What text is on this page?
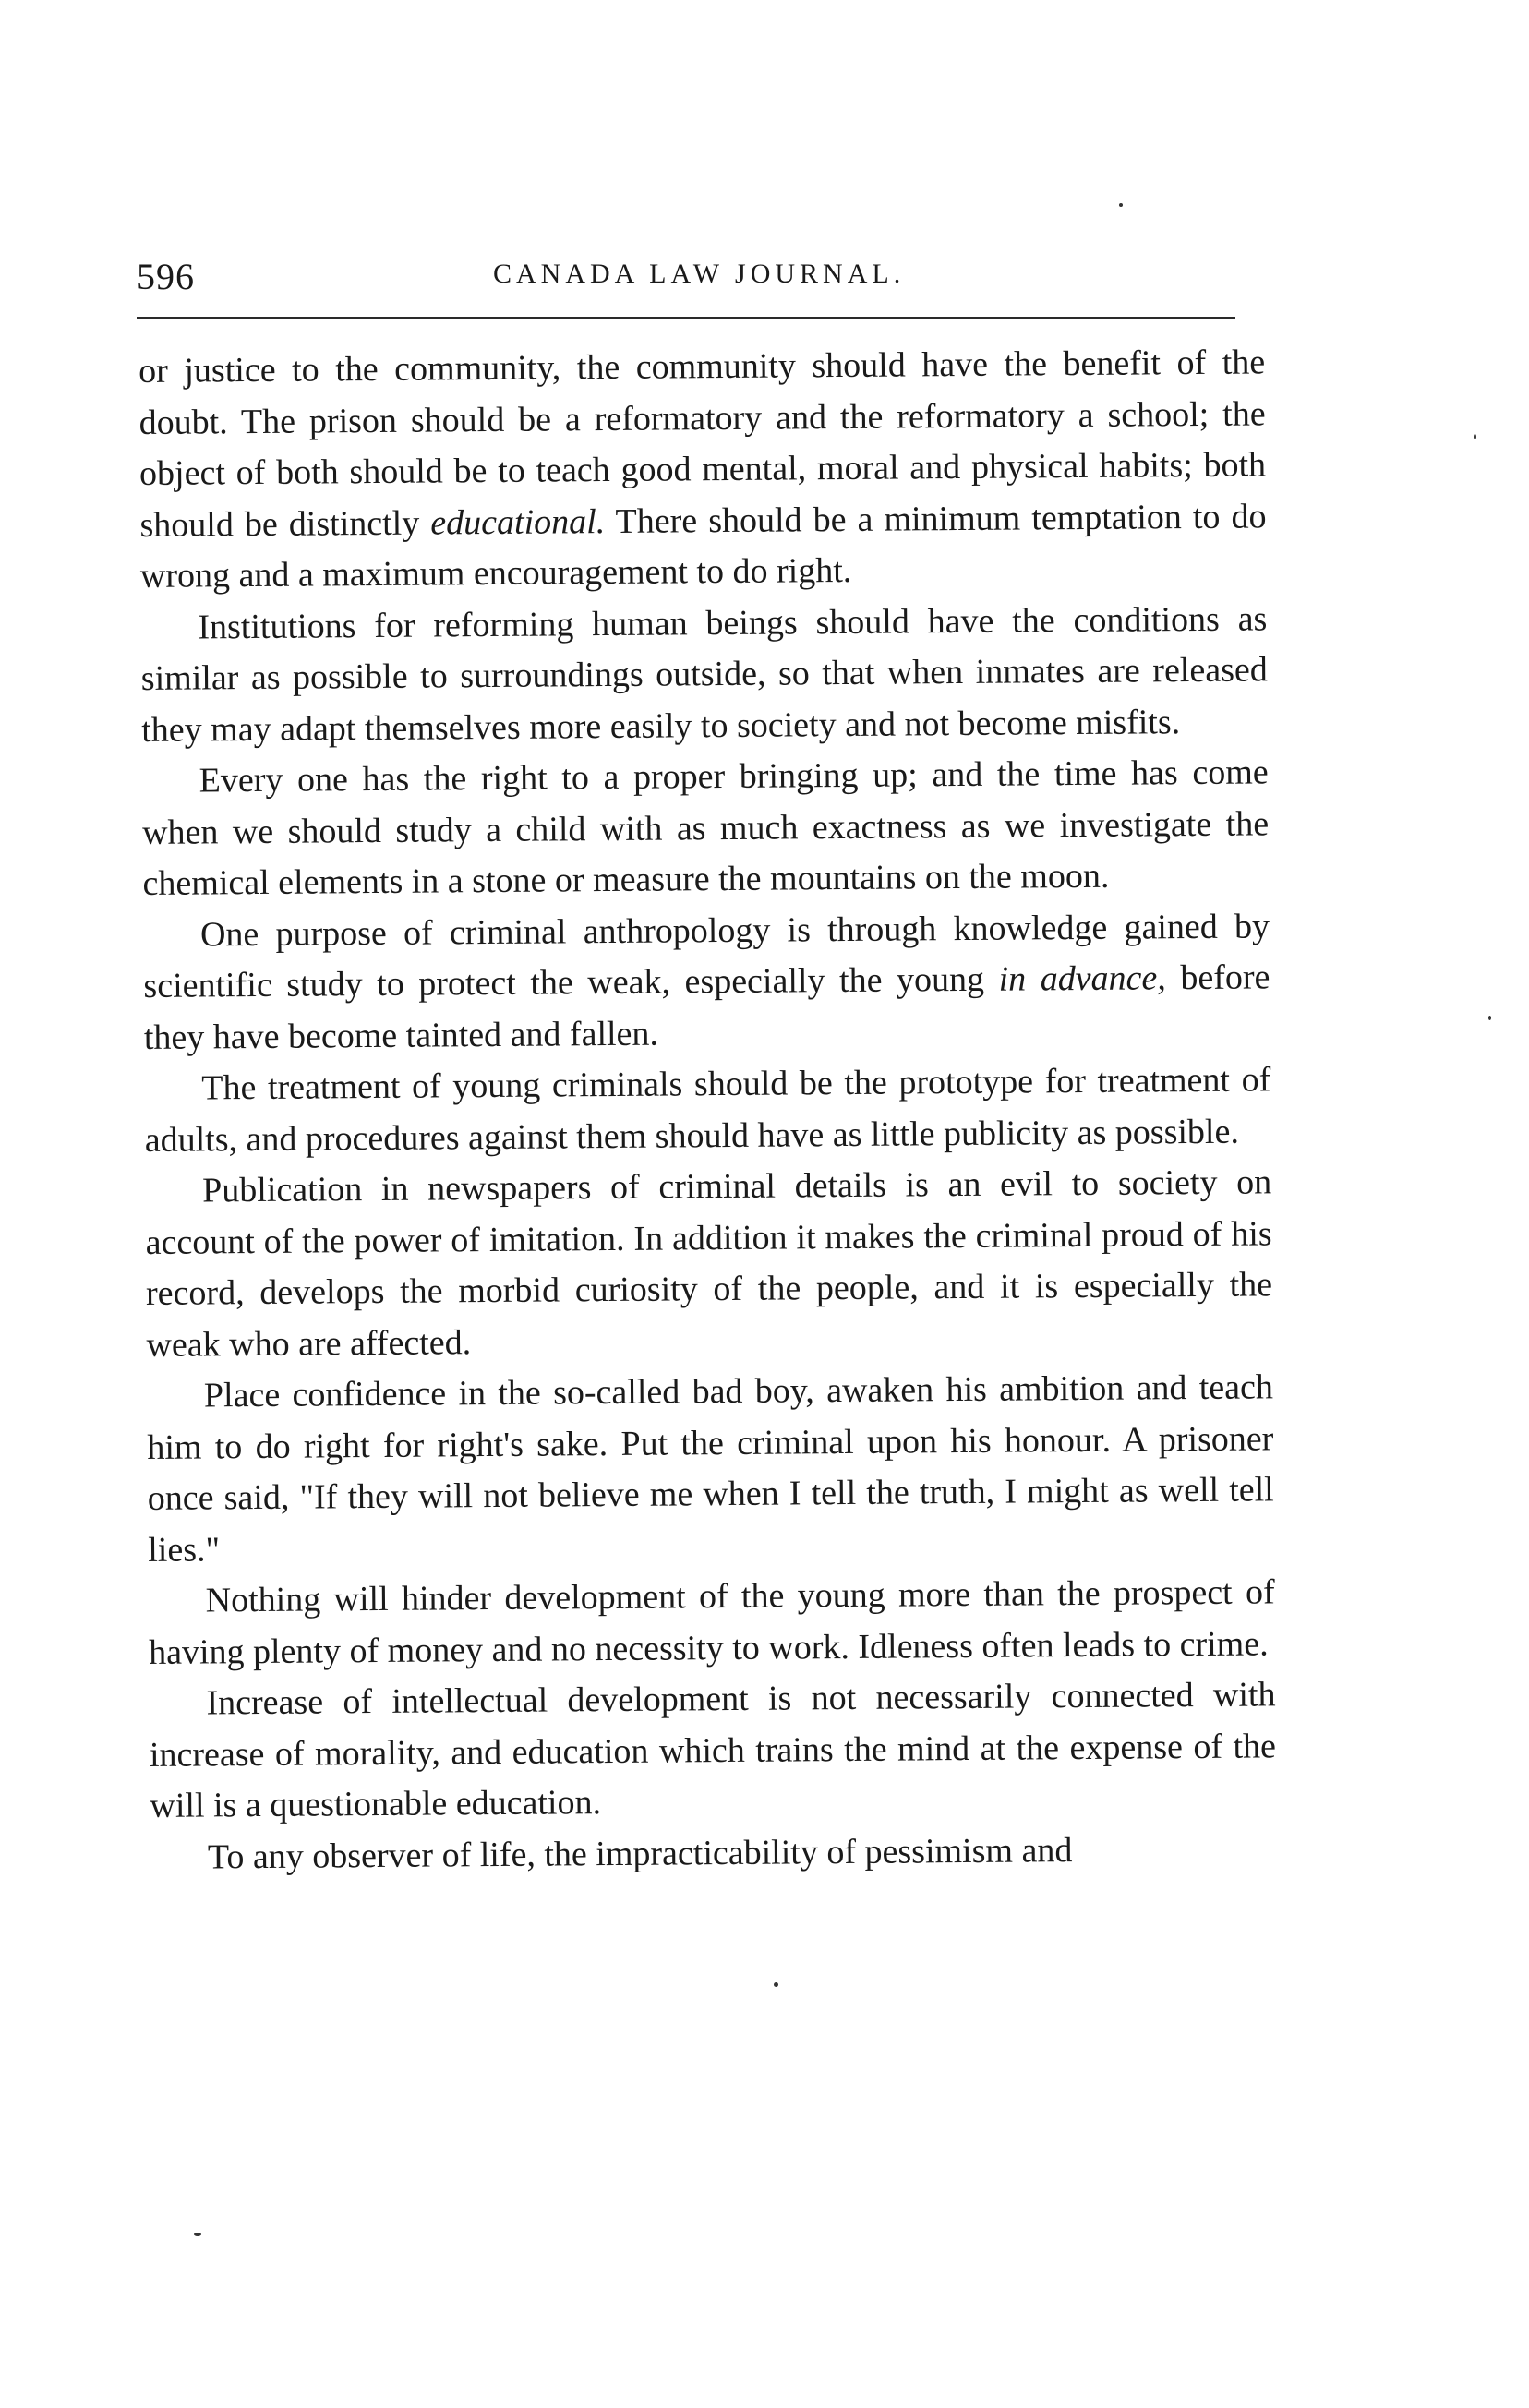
596	CANADA LAW JOURNAL.

or justice to the community, the community should have the benefit of the doubt. The prison should be a reformatory and the reformatory a school; the object of both should be to teach good mental, moral and physical habits; both should be distinctly educational. There should be a minimum temptation to do wrong and a maximum encouragement to do right.

Institutions for reforming human beings should have the conditions as similar as possible to surroundings outside, so that when inmates are released they may adapt themselves more easily to society and not become misfits.

Every one has the right to a proper bringing up; and the time has come when we should study a child with as much exactness as we investigate the chemical elements in a stone or measure the mountains on the moon.

One purpose of criminal anthropology is through knowledge gained by scientific study to protect the weak, especially the young in advance, before they have become tainted and fallen.

The treatment of young criminals should be the prototype for treatment of adults, and procedures against them should have as little publicity as possible.

Publication in newspapers of criminal details is an evil to society on account of the power of imitation. In addition it makes the criminal proud of his record, develops the morbid curiosity of the people, and it is especially the weak who are affected.

Place confidence in the so-called bad boy, awaken his ambition and teach him to do right for right's sake. Put the criminal upon his honour. A prisoner once said, "If they will not believe me when I tell the truth, I might as well tell lies."

Nothing will hinder development of the young more than the prospect of having plenty of money and no necessity to work. Idleness often leads to crime.

Increase of intellectual development is not necessarily connected with increase of morality, and education which trains the mind at the expense of the will is a questionable education.

To any observer of life, the impracticability of pessimism and
